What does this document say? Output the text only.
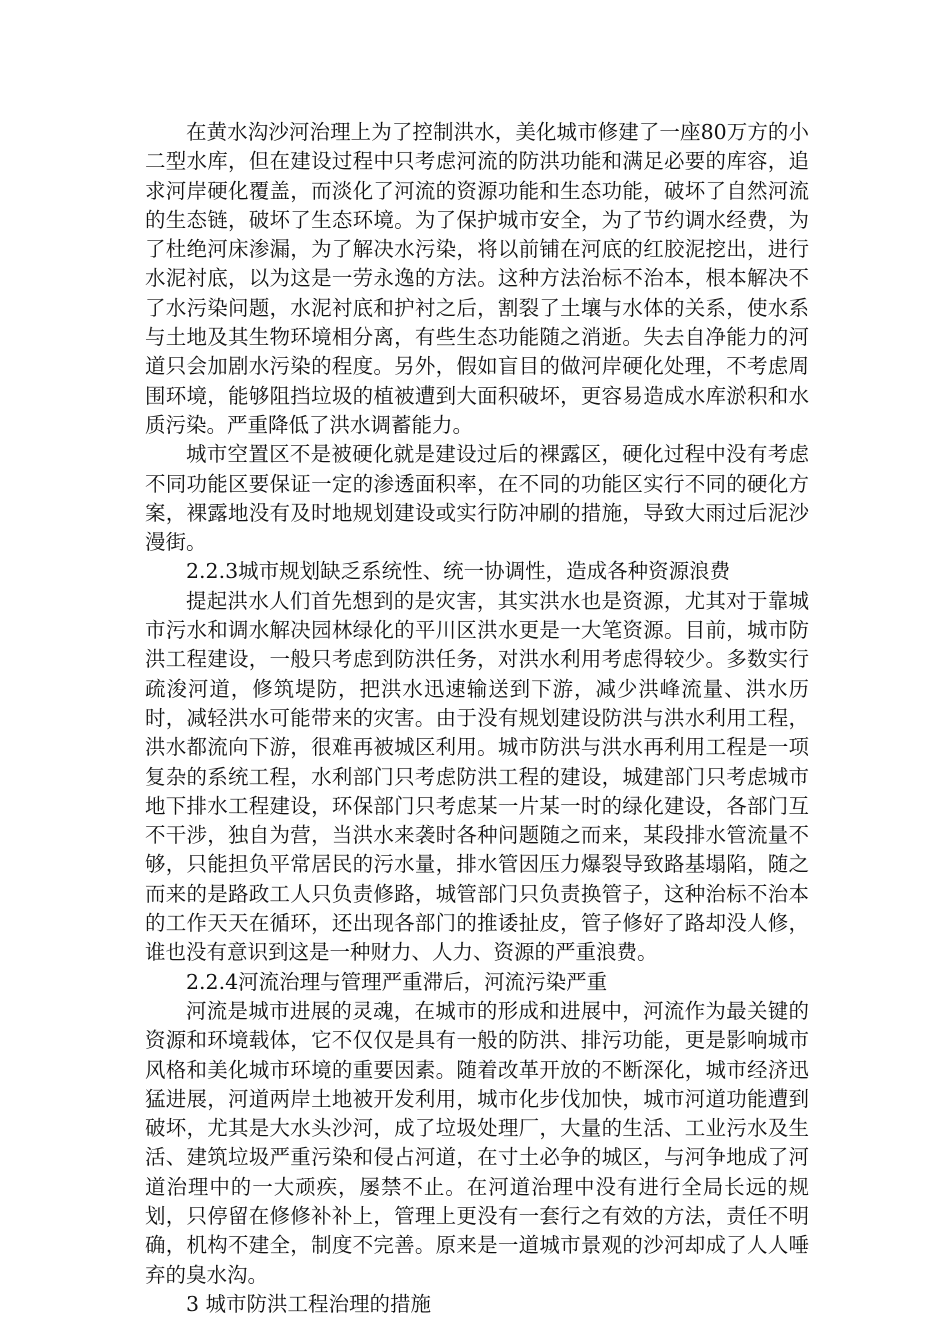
在黄水沟沙河治理上为了控制洪水，美化城市修建了一座80万方的小二型水库，但在建设过程中只考虑河流的防洪功能和满足必要的库容，追求河岸硬化覆盖，而淡化了河流的资源功能和生态功能，破坏了自然河流的生态链，破坏了生态环境。为了保护城市安全，为了节约调水经费，为了杜绝河床渗漏，为了解决水污染，将以前铺在河底的红胶泥挖出，进行水泥衬底，以为这是一劳永逸的方法。这种方法治标不治本，根本解决不了水污染问题，水泥衬底和护衬之后，割裂了土壤与水体的关系，使水系与土地及其生物环境相分离，有些生态功能随之消逝。失去自净能力的河道只会加剧水污染的程度。另外，假如盲目的做河岸硬化处理，不考虑周围环境，能够阻挡垃圾的植被遭到大面积破坏，更容易造成水库淤积和水质污染。严重降低了洪水调蓄能力。

城市空置区不是被硬化就是建设过后的裸露区，硬化过程中没有考虑不同功能区要保证一定的渗透面积率，在不同的功能区实行不同的硬化方案，裸露地没有及时地规划建设或实行防冲刷的措施，导致大雨过后泥沙漫街。

2.2.3城市规划缺乏系统性、统一协调性，造成各种资源浪费

提起洪水人们首先想到的是灾害，其实洪水也是资源，尤其对于靠城市污水和调水解决园林绿化的平川区洪水更是一大笔资源。目前，城市防洪工程建设，一般只考虑到防洪任务，对洪水利用考虑得较少。多数实行疏浚河道，修筑堤防，把洪水迅速输送到下游，减少洪峰流量、洪水历时，减轻洪水可能带来的灾害。由于没有规划建设防洪与洪水利用工程，洪水都流向下游，很难再被城区利用。城市防洪与洪水再利用工程是一项复杂的系统工程，水利部门只考虑防洪工程的建设，城建部门只考虑城市地下排水工程建设，环保部门只考虑某一片某一时的绿化建设，各部门互不干涉，独自为营，当洪水来袭时各种问题随之而来，某段排水管流量不够，只能担负平常居民的污水量，排水管因压力爆裂导致路基塌陷，随之而来的是路政工人只负责修路，城管部门只负责换管子，这种治标不治本的工作天天在循环，还出现各部门的推诿扯皮，管子修好了路却没人修，谁也没有意识到这是一种财力、人力、资源的严重浪费。

2.2.4河流治理与管理严重滞后，河流污染严重

河流是城市进展的灵魂，在城市的形成和进展中，河流作为最关键的资源和环境载体，它不仅仅是具有一般的防洪、排污功能，更是影响城市风格和美化城市环境的重要因素。随着改革开放的不断深化，城市经济迅猛进展，河道两岸土地被开发利用，城市化步伐加快，城市河道功能遭到破坏，尤其是大水头沙河，成了垃圾处理厂，大量的生活、工业污水及生活、建筑垃圾严重污染和侵占河道，在寸土必争的城区，与河争地成了河道治理中的一大顽疾，屡禁不止。在河道治理中没有进行全局长远的规划，只停留在修修补补上，管理上更没有一套行之有效的方法，责任不明确，机构不建全，制度不完善。原来是一道城市景观的沙河却成了人人唾弃的臭水沟。

3 城市防洪工程治理的措施
